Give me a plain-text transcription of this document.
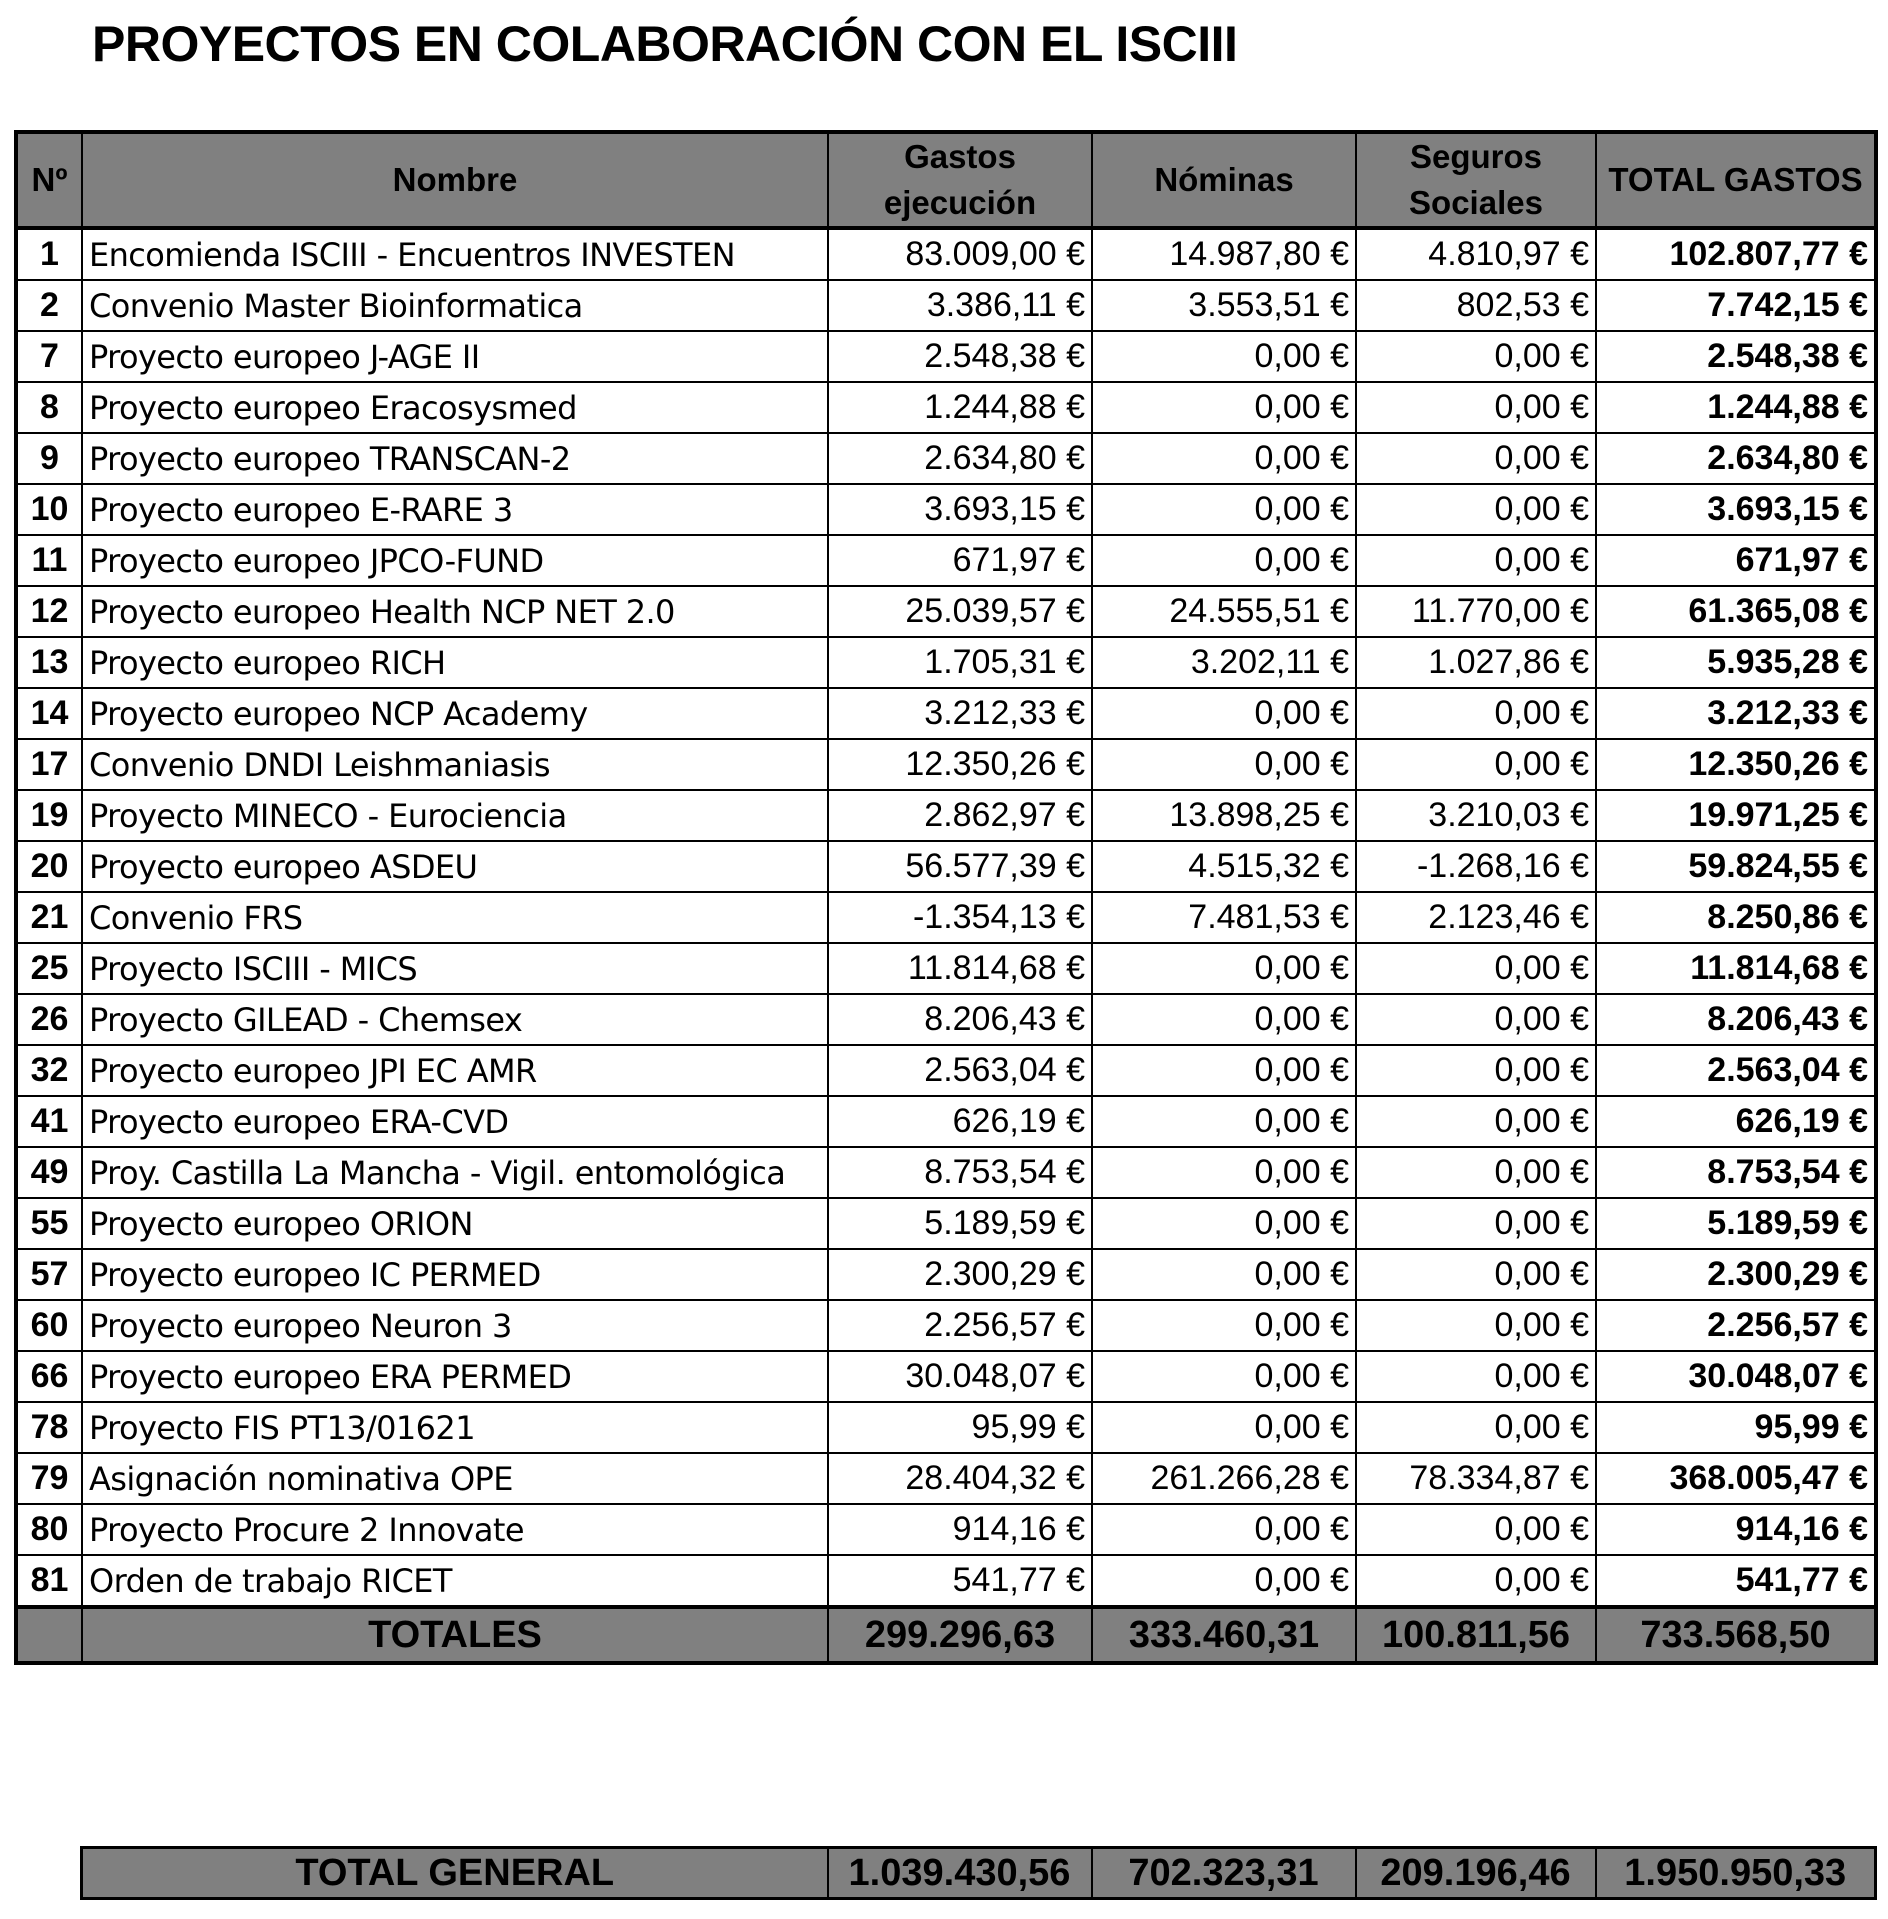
PROYECTOS EN COLABORACIÓN CON EL ISCIII
Nº	Nombre	Gastos ejecución	Nóminas	Seguros Sociales	TOTAL GASTOS
1	Encomienda ISCIII - Encuentros INVESTEN	83.009,00 €	14.987,80 €	4.810,97 €	102.807,77 €
2	Convenio Master Bioinformatica	3.386,11 €	3.553,51 €	802,53 €	7.742,15 €
7	Proyecto europeo J-AGE II	2.548,38 €	0,00 €	0,00 €	2.548,38 €
8	Proyecto europeo Eracosysmed	1.244,88 €	0,00 €	0,00 €	1.244,88 €
9	Proyecto europeo TRANSCAN-2	2.634,80 €	0,00 €	0,00 €	2.634,80 €
10	Proyecto europeo E-RARE 3	3.693,15 €	0,00 €	0,00 €	3.693,15 €
11	Proyecto europeo JPCO-FUND	671,97 €	0,00 €	0,00 €	671,97 €
12	Proyecto europeo Health NCP NET 2.0	25.039,57 €	24.555,51 €	11.770,00 €	61.365,08 €
13	Proyecto europeo RICH	1.705,31 €	3.202,11 €	1.027,86 €	5.935,28 €
14	Proyecto europeo NCP Academy	3.212,33 €	0,00 €	0,00 €	3.212,33 €
17	Convenio DNDI Leishmaniasis	12.350,26 €	0,00 €	0,00 €	12.350,26 €
19	Proyecto MINECO - Eurociencia	2.862,97 €	13.898,25 €	3.210,03 €	19.971,25 €
20	Proyecto europeo ASDEU	56.577,39 €	4.515,32 €	-1.268,16 €	59.824,55 €
21	Convenio FRS	-1.354,13 €	7.481,53 €	2.123,46 €	8.250,86 €
25	Proyecto ISCIII - MICS	11.814,68 €	0,00 €	0,00 €	11.814,68 €
26	Proyecto GILEAD - Chemsex	8.206,43 €	0,00 €	0,00 €	8.206,43 €
32	Proyecto europeo JPI EC AMR	2.563,04 €	0,00 €	0,00 €	2.563,04 €
41	Proyecto europeo ERA-CVD	626,19 €	0,00 €	0,00 €	626,19 €
49	Proy. Castilla La Mancha - Vigil. entomológica	8.753,54 €	0,00 €	0,00 €	8.753,54 €
55	Proyecto europeo ORION	5.189,59 €	0,00 €	0,00 €	5.189,59 €
57	Proyecto europeo IC PERMED	2.300,29 €	0,00 €	0,00 €	2.300,29 €
60	Proyecto europeo Neuron 3	2.256,57 €	0,00 €	0,00 €	2.256,57 €
66	Proyecto europeo ERA PERMED	30.048,07 €	0,00 €	0,00 €	30.048,07 €
78	Proyecto FIS PT13/01621	95,99 €	0,00 €	0,00 €	95,99 €
79	Asignación nominativa OPE	28.404,32 €	261.266,28 €	78.334,87 €	368.005,47 €
80	Proyecto Procure 2 Innovate	914,16 €	0,00 €	0,00 €	914,16 €
81	Orden de trabajo RICET	541,77 €	0,00 €	0,00 €	541,77 €
	TOTALES	299.296,63	333.460,31	100.811,56	733.568,50
TOTAL GENERAL	1.039.430,56	702.323,31	209.196,46	1.950.950,33
